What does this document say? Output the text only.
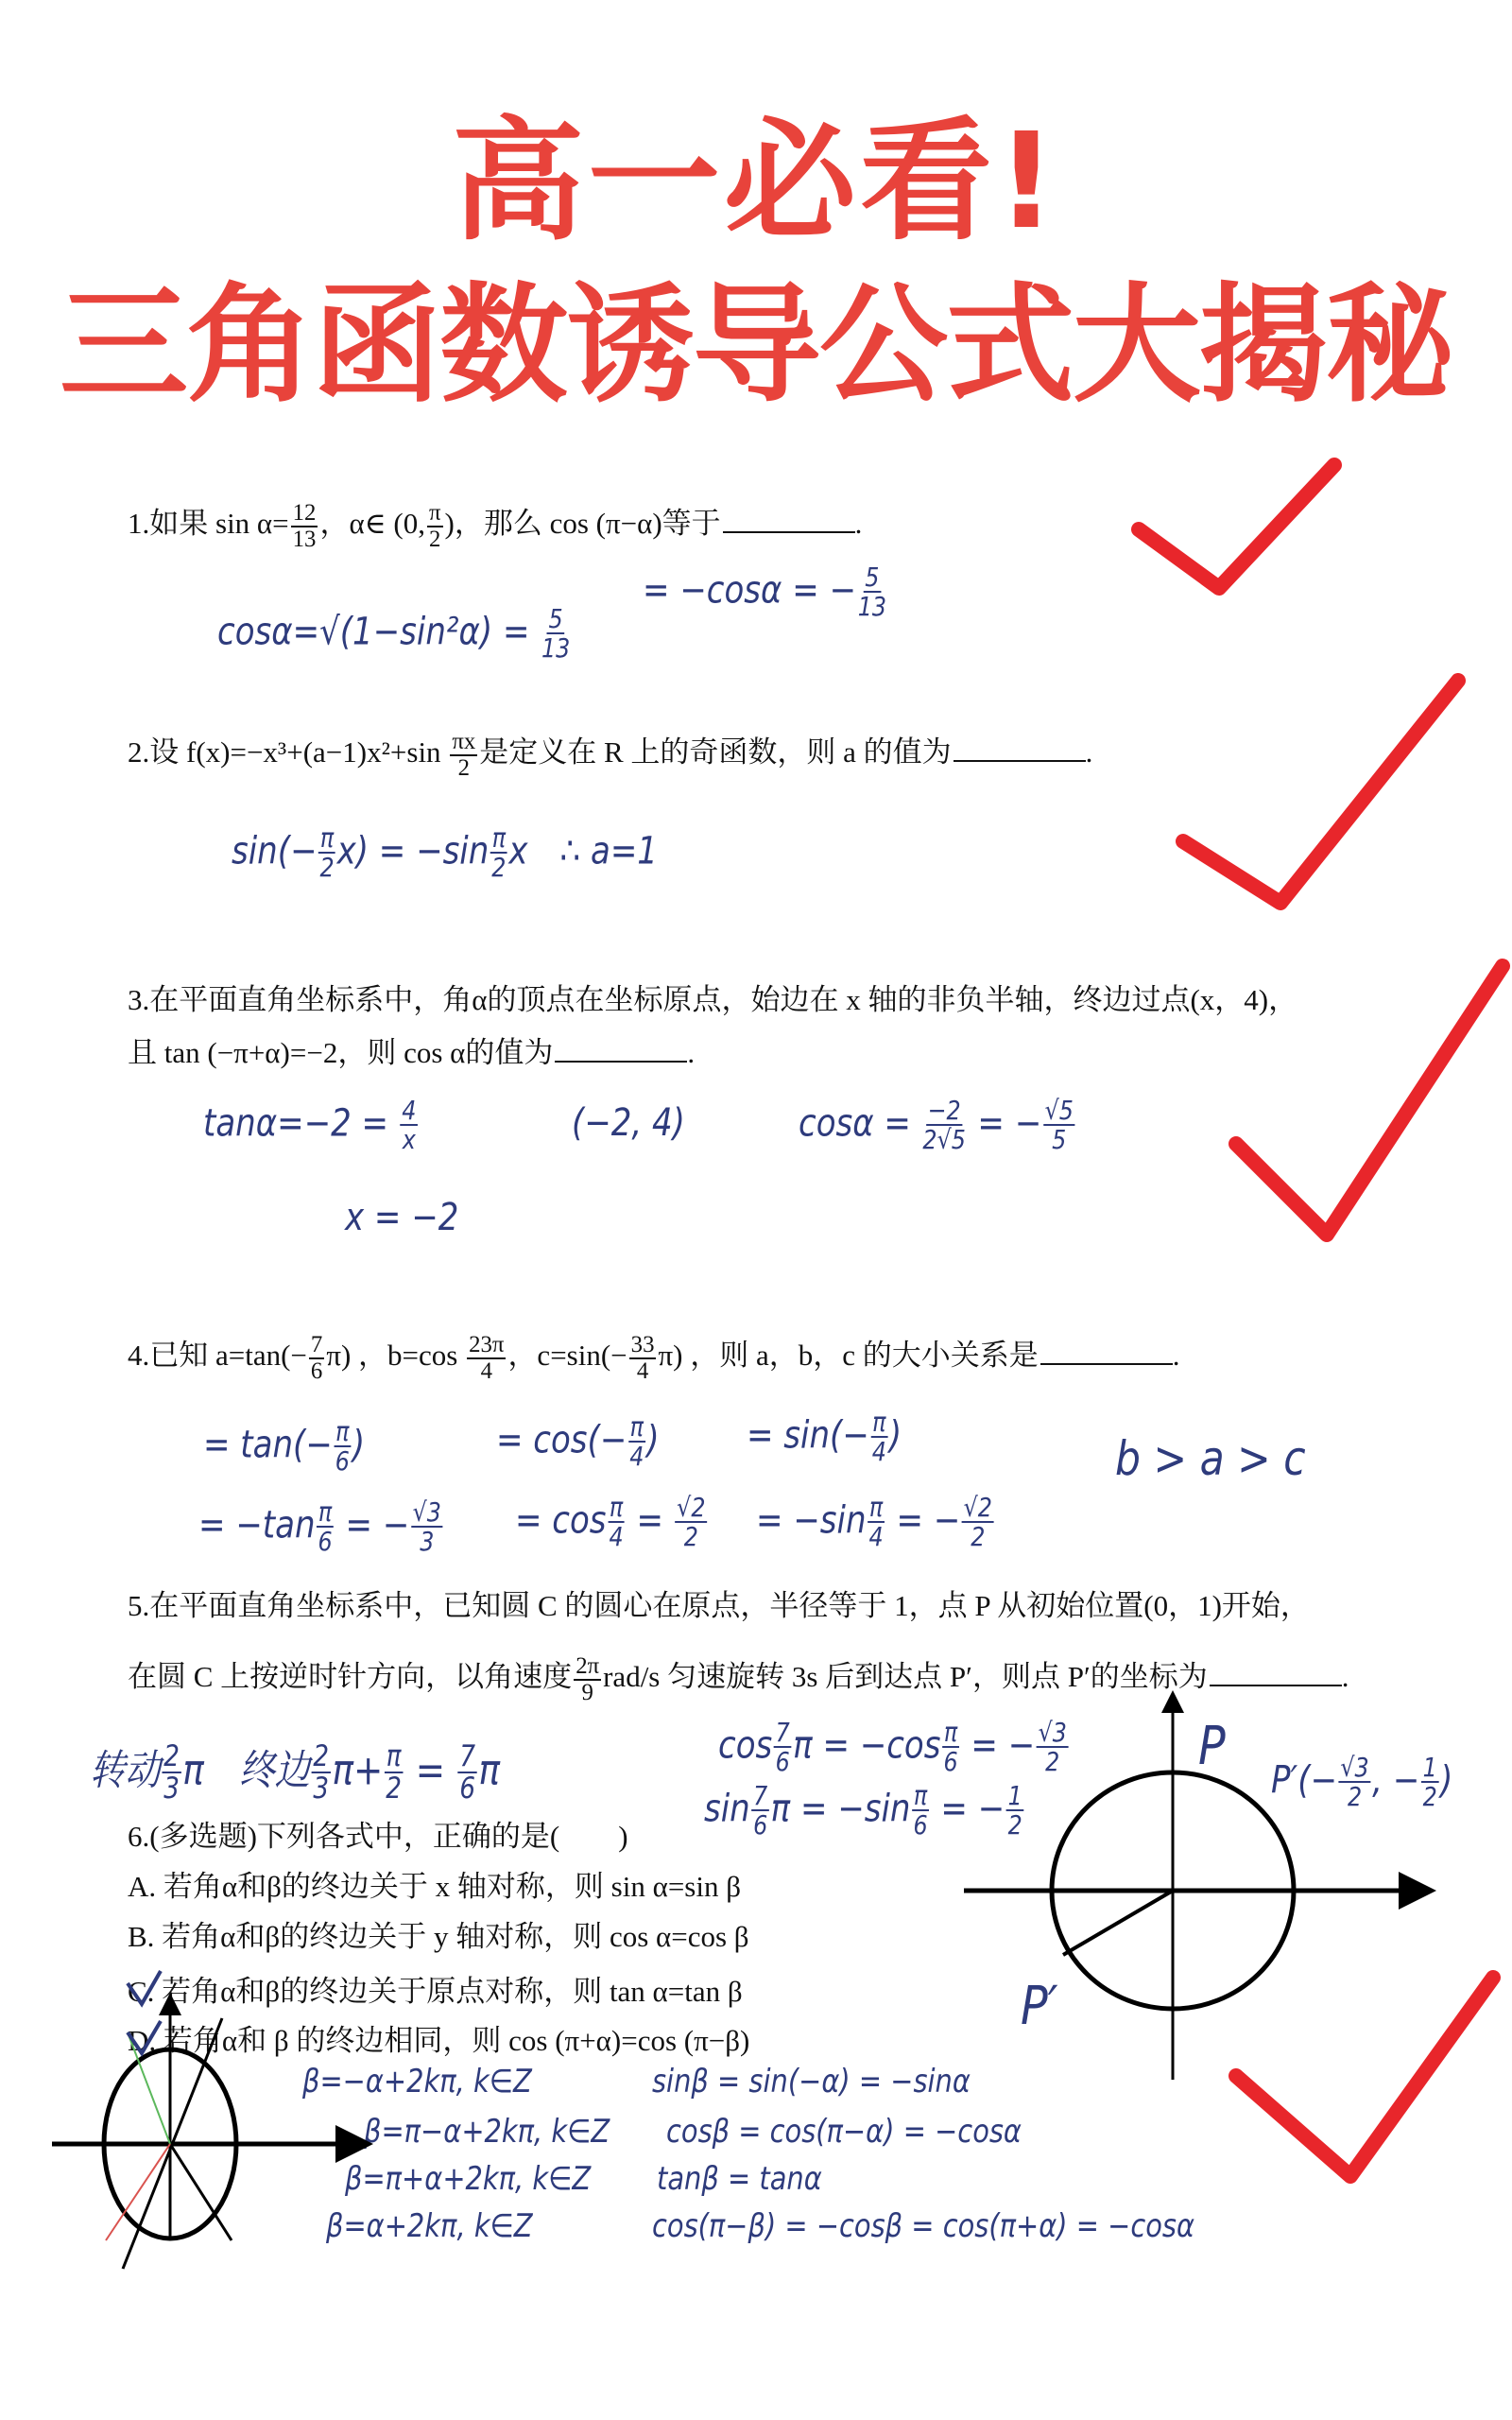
高一必看!
三角函数诱导公式大揭秘
1.如果 $\sin \alpha= \frac{12}{13}$ ，α∈ (0, $\frac{\pi}{2}$ )，那么 cos (π−α)等于	.
2.设 $f(x)=-x^3+(a-1)x^2+\sin \frac{\pi x}{2}$ 是定义在 R 上的奇函数，则 a 的值为	.
3.在平面直角坐标系中，角α的顶点在坐标原点，始边在 x 轴的非负半轴，终边过点(x，4)，
且 tan (−π+α)=−2，则 cos α的值为	.
4.已知 $a=\tan(- \frac{7}{6} \pi)$ ，$b=\cos \frac{23\pi}{4}$ ，$c=\sin(- \frac{33}{4} \pi)$ ，则 a，b，c 的大小关系是	.
5.在平面直角坐标系中，已知圆 C 的圆心在原点，半径等于 1，点 P 从初始位置(0，1)开始，
在圆 C 上按逆时针方向，以角速度 $\frac{2\pi}{9} rad/s$ 匀速旋转 3s 后到达点 P′，则点 P′的坐标为	.
6.(多选题)下列各式中，正确的是(　　)
A. 若角α和β的终边关于 x 轴对称，则 sin α=sin β
B. 若角α和β的终边关于 y 轴对称，则 cos α=cos β
C. 若角α和β的终边关于原点对称，则 tan α=tan β
D. 若角α和 β 的终边相同，则 cos (π+α)=cos (π−β)
$\cos\alpha=√(1-\sin^2\alpha) = \frac{5}{13}$
= −cosα = − $\frac{5}{13}$
$\sin(- \frac{\pi}{2} x) = -\sin \frac{\pi}{2}$ x　∴ a=1
$\tan\alpha=-2 = \frac{4}{x}$	(−2, 4)	$\cos\alpha = \frac{-2}{2√5}$ = − $\frac{√5}{5}$
x = −2
= $\tan(- \frac{\pi}{6}$ )	= $\cos(- \frac{\pi}{4}$ ) = $\sin(- \frac{\pi}{4}$ )	b > a > c
= $-\tan \frac{\pi}{6}$ = − $\frac{√3}{3} = \cos \frac{\pi}{4} = \frac{√2}{2} = -\sin \frac{\pi}{4}$ = − $\frac{√2}{2}$
转动 $\frac{2}{3}$ π　终边 $\frac{2}{3} \pi+ \frac{\pi}{2} = \frac{7}{6}$ π
$\cos \frac{7}{6}$ $\pi = -\cos \frac{\pi}{6}$ = − $\frac{√3}{2}$
$\sin \frac{7}{6}$ $\pi = -\sin \frac{\pi}{6}$ = − $\frac{1}{2}$
$P'(- \frac{√3}{2}$ , − $\frac{1}{2}$ )
β=−α+2kπ, k∈Z	sinβ = sin(−α) = −sinα
β=π−α+2kπ, k∈Z cosβ = cos(π−α) = −cosα
β=π+α+2kπ, k∈Z tanβ = tanα
β=α+2kπ, k∈Z	cos(π−β) = −cosβ = cos(π+α) = −cosα
P
P′
